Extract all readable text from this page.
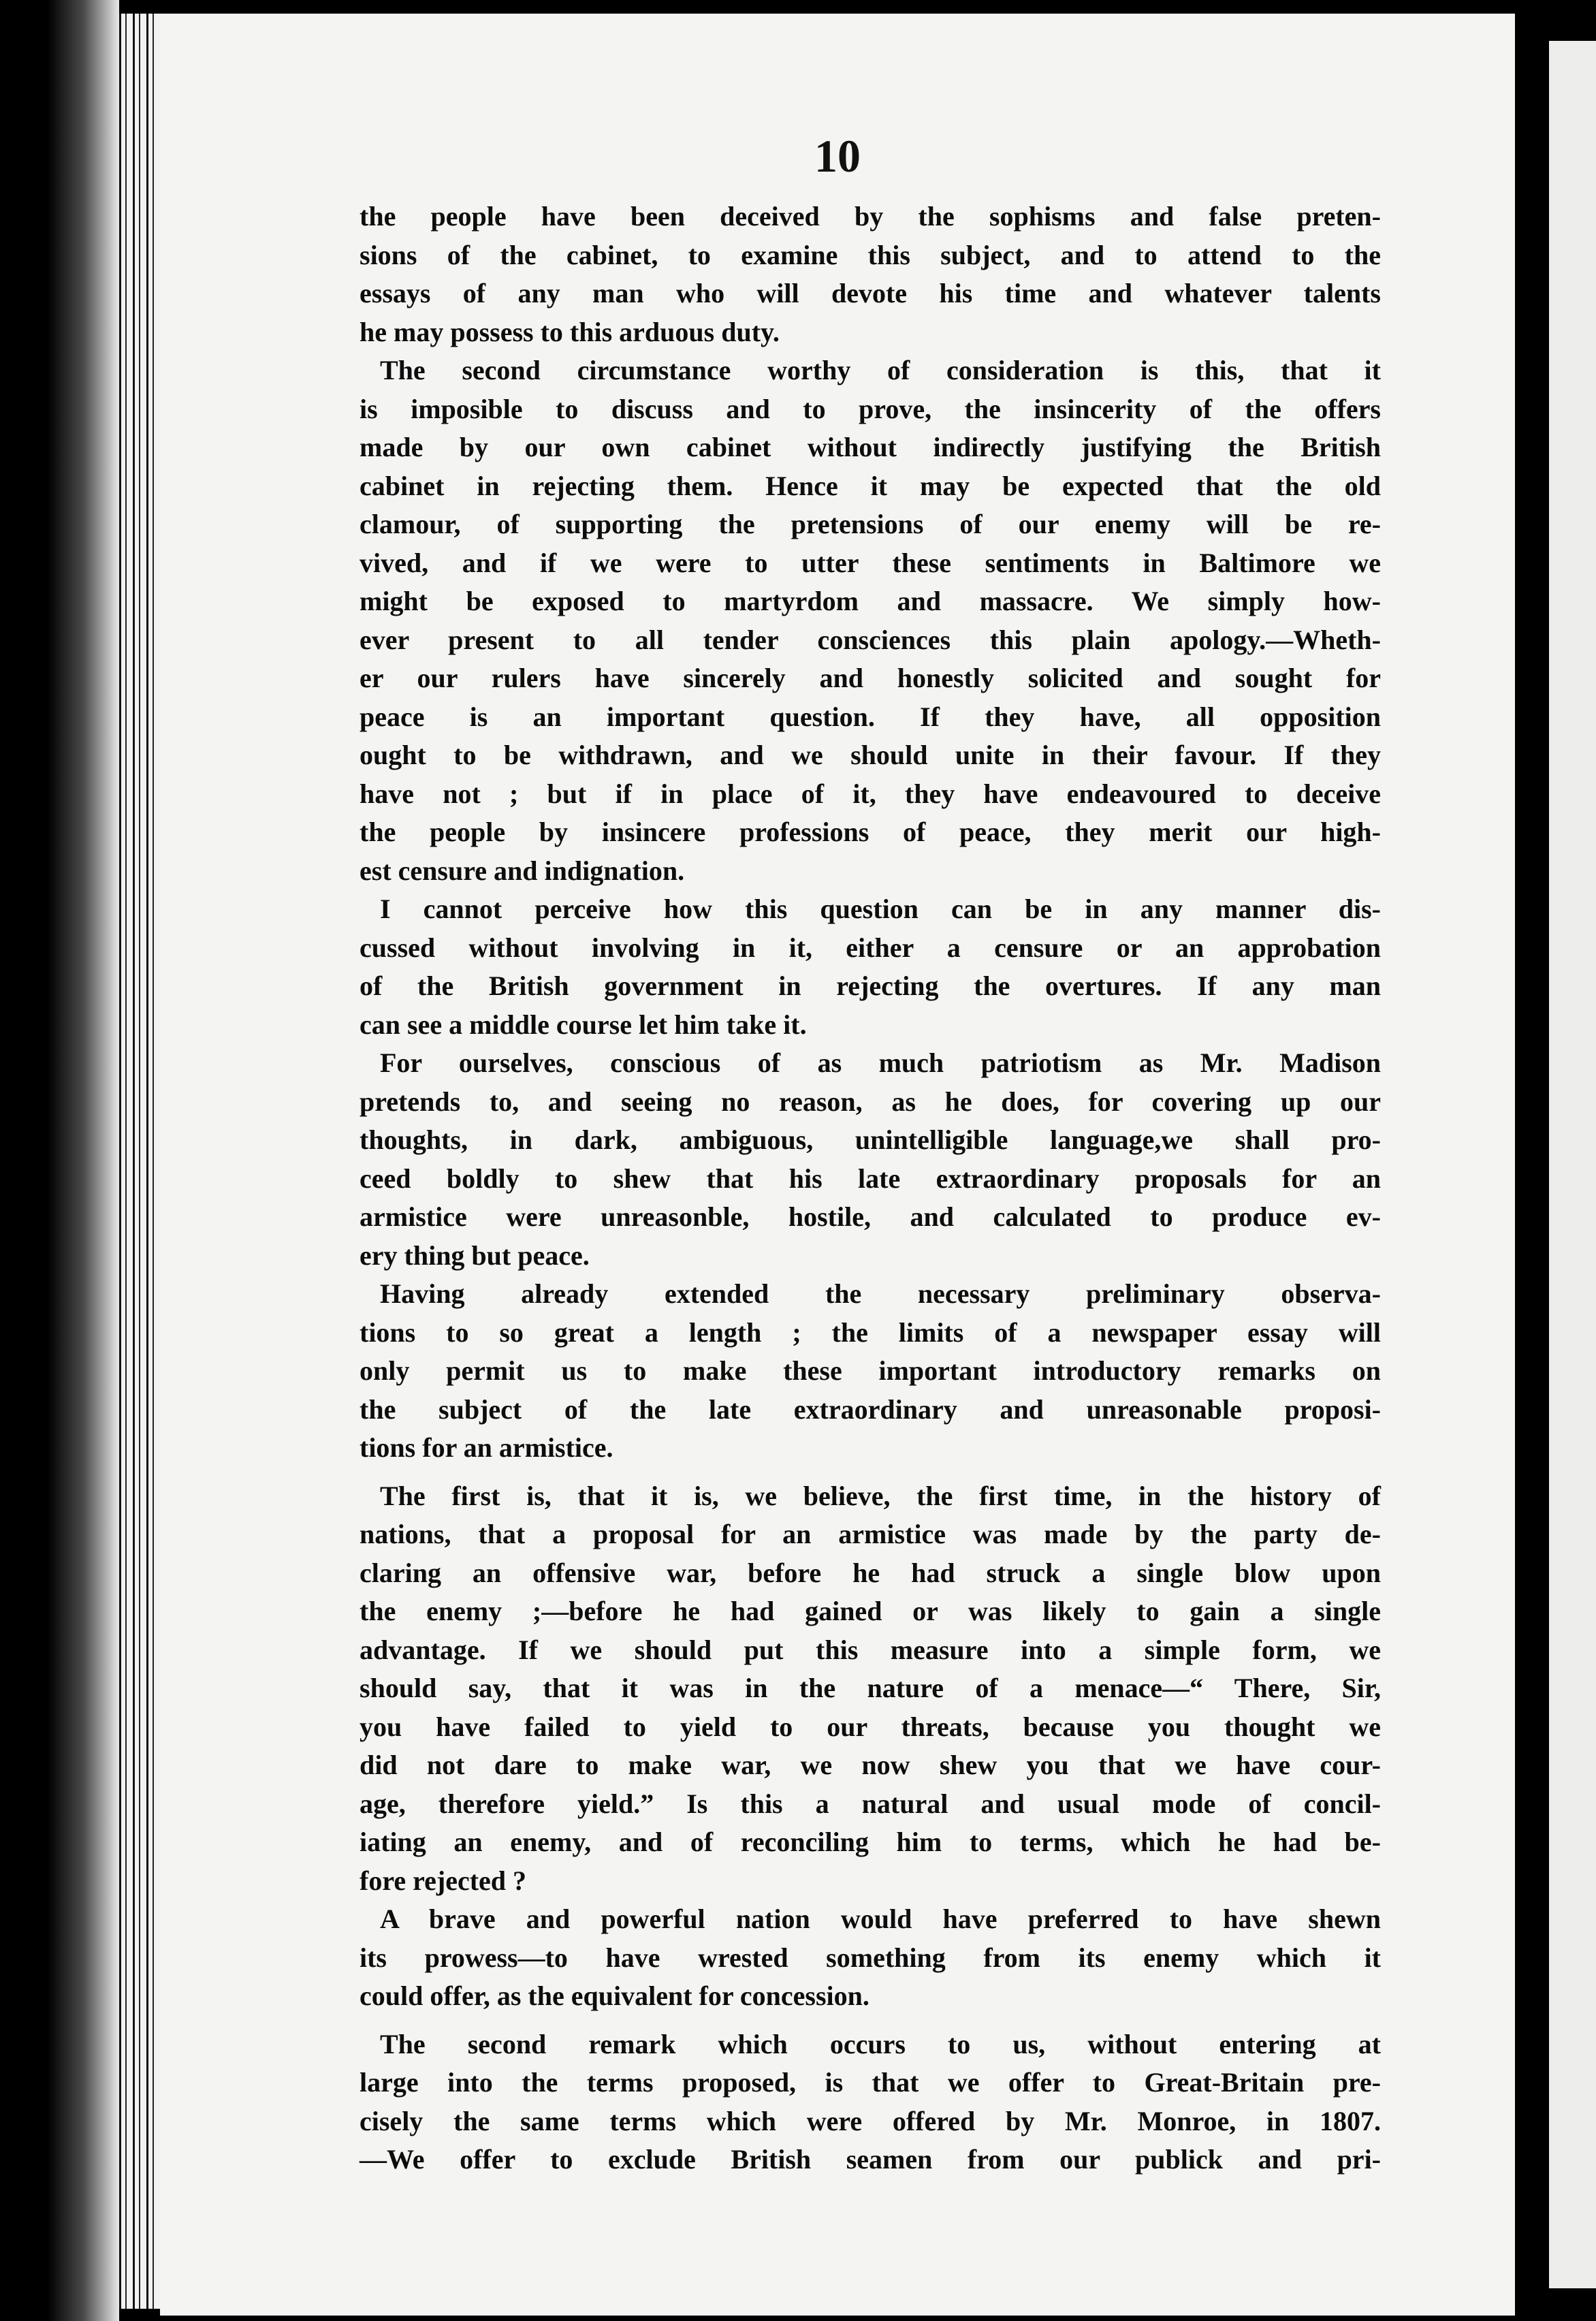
10
the people have been deceived by the sophisms and false preten-
sions of the cabinet, to examine this subject, and to attend to the
essays of any man who will devote his time and whatever talents
he may possess to this arduous duty.
The second circumstance worthy of consideration is this, that it
is imposible to discuss and to prove, the insincerity of the offers
made by our own cabinet without indirectly justifying the British
cabinet in rejecting them. Hence it may be expected that the old
clamour, of supporting the pretensions of our enemy will be re-
vived, and if we were to utter these sentiments in Baltimore we
might be exposed to martyrdom and massacre. We simply how-
ever present to all tender consciences this plain apology.—Wheth-
er our rulers have sincerely and honestly solicited and sought for
peace is an important question. If they have, all opposition
ought to be withdrawn, and we should unite in their favour. If they
have not ; but if in place of it, they have endeavoured to deceive
the people by insincere professions of peace, they merit our high-
est censure and indignation.
I cannot perceive how this question can be in any manner dis-
cussed without involving in it, either a censure or an approbation
of the British government in rejecting the overtures. If any man
can see a middle course let him take it.
For ourselves, conscious of as much patriotism as Mr. Madison
pretends to, and seeing no reason, as he does, for covering up our
thoughts, in dark, ambiguous, unintelligible language,we shall pro-
ceed boldly to shew that his late extraordinary proposals for an
armistice were unreasonble, hostile, and calculated to produce ev-
ery thing but peace.
Having already extended the necessary preliminary observa-
tions to so great a length ; the limits of a newspaper essay will
only permit us to make these important introductory remarks on
the subject of the late extraordinary and unreasonable proposi-
tions for an armistice.
The first is, that it is, we believe, the first time, in the history of
nations, that a proposal for an armistice was made by the party de-
claring an offensive war, before he had struck a single blow upon
the enemy ;—before he had gained or was likely to gain a single
advantage. If we should put this measure into a simple form, we
should say, that it was in the nature of a menace—“ There, Sir,
you have failed to yield to our threats, because you thought we
did not dare to make war, we now shew you that we have cour-
age, therefore yield.” Is this a natural and usual mode of concil-
iating an enemy, and of reconciling him to terms, which he had be-
fore rejected ?
A brave and powerful nation would have preferred to have shewn
its prowess—to have wrested something from its enemy which it
could offer, as the equivalent for concession.
The second remark which occurs to us, without entering at
large into the terms proposed, is that we offer to Great-Britain pre-
cisely the same terms which were offered by Mr. Monroe, in 1807.
—We offer to exclude British seamen from our publick and pri-
